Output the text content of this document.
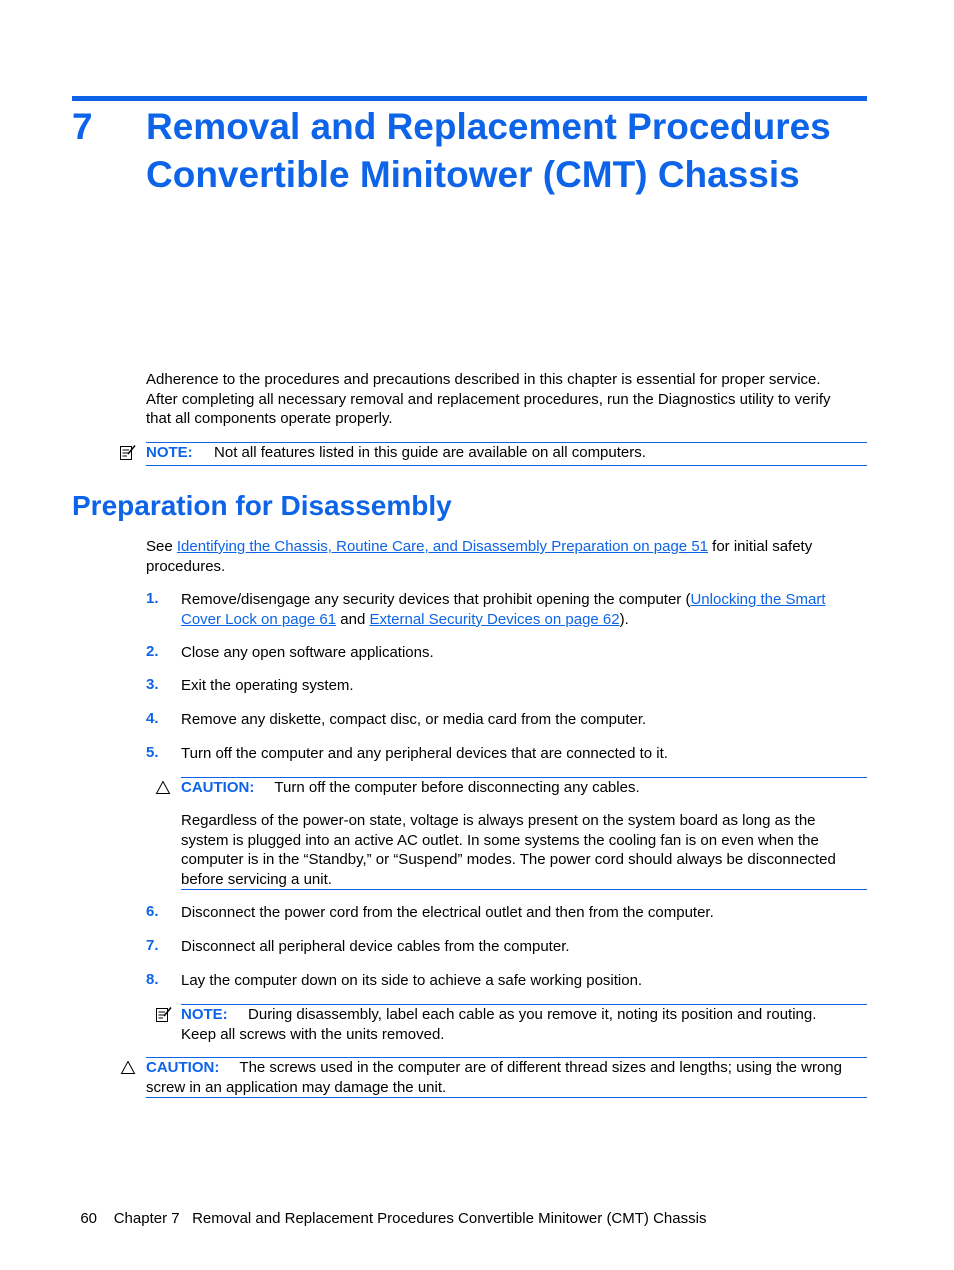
7 Removal and Replacement Procedures
Convertible Minitower (CMT) Chassis
Adherence to the procedures and precautions described in this chapter is essential for proper service.
After completing all necessary removal and replacement procedures, run the Diagnostics utility to verify
that all components operate properly.
NOTE: Not all features listed in this guide are available on all computers.
Preparation for Disassembly
See Identifying the Chassis, Routine Care, and Disassembly Preparation on page 51 for initial safety
procedures.
1. Remove/disengage any security devices that prohibit opening the computer (Unlocking the Smart
Cover Lock on page 61 and External Security Devices on page 62).
2. Close any open software applications.
3. Exit the operating system.
4. Remove any diskette, compact disc, or media card from the computer.
5. Turn off the computer and any peripheral devices that are connected to it.
CAUTION: Turn off the computer before disconnecting any cables.
Regardless of the power-on state, voltage is always present on the system board as long as the
system is plugged into an active AC outlet. In some systems the cooling fan is on even when the
computer is in the “Standby,” or “Suspend” modes. The power cord should always be disconnected
before servicing a unit.
6. Disconnect the power cord from the electrical outlet and then from the computer.
7. Disconnect all peripheral device cables from the computer.
8. Lay the computer down on its side to achieve a safe working position.
NOTE: During disassembly, label each cable as you remove it, noting its position and routing.
Keep all screws with the units removed.
CAUTION: The screws used in the computer are of different thread sizes and lengths; using the wrong
screw in an application may damage the unit.

60 Chapter 7   Removal and Replacement Procedures Convertible Minitower (CMT) Chassis
